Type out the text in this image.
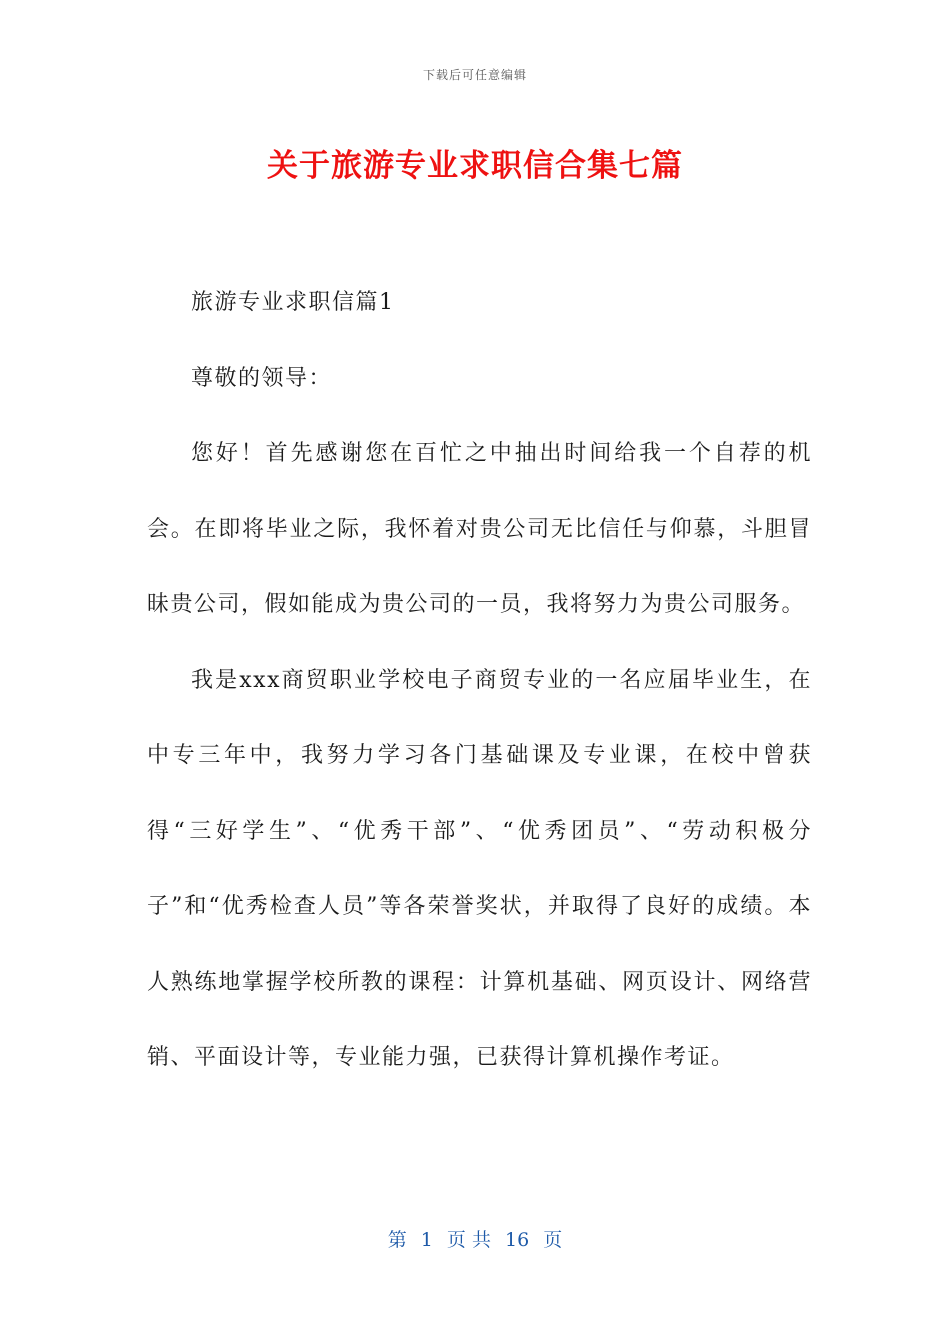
下载后可任意编辑
关于旅游专业求职信合集七篇

旅游专业求职信篇1

尊敬的领导：

您好！首先感谢您在百忙之中抽出时间给我一个自荐的机会。在即将毕业之际，我怀着对贵公司无比信任与仰慕，斗胆冒昧贵公司，假如能成为贵公司的一员，我将努力为贵公司服务。

我是xxx商贸职业学校电子商贸专业的一名应届毕业生，在中专三年中，我努力学习各门基础课及专业课，在校中曾获得“三好学生”、“优秀干部”、“优秀团员”、“劳动积极分子”和“优秀检查人员”等各荣誉奖状，并取得了良好的成绩。本人熟练地掌握学校所教的课程：计算机基础、网页设计、网络营销、平面设计等，专业能力强，已获得计算机操作考证。

第 1 页 共 16 页
